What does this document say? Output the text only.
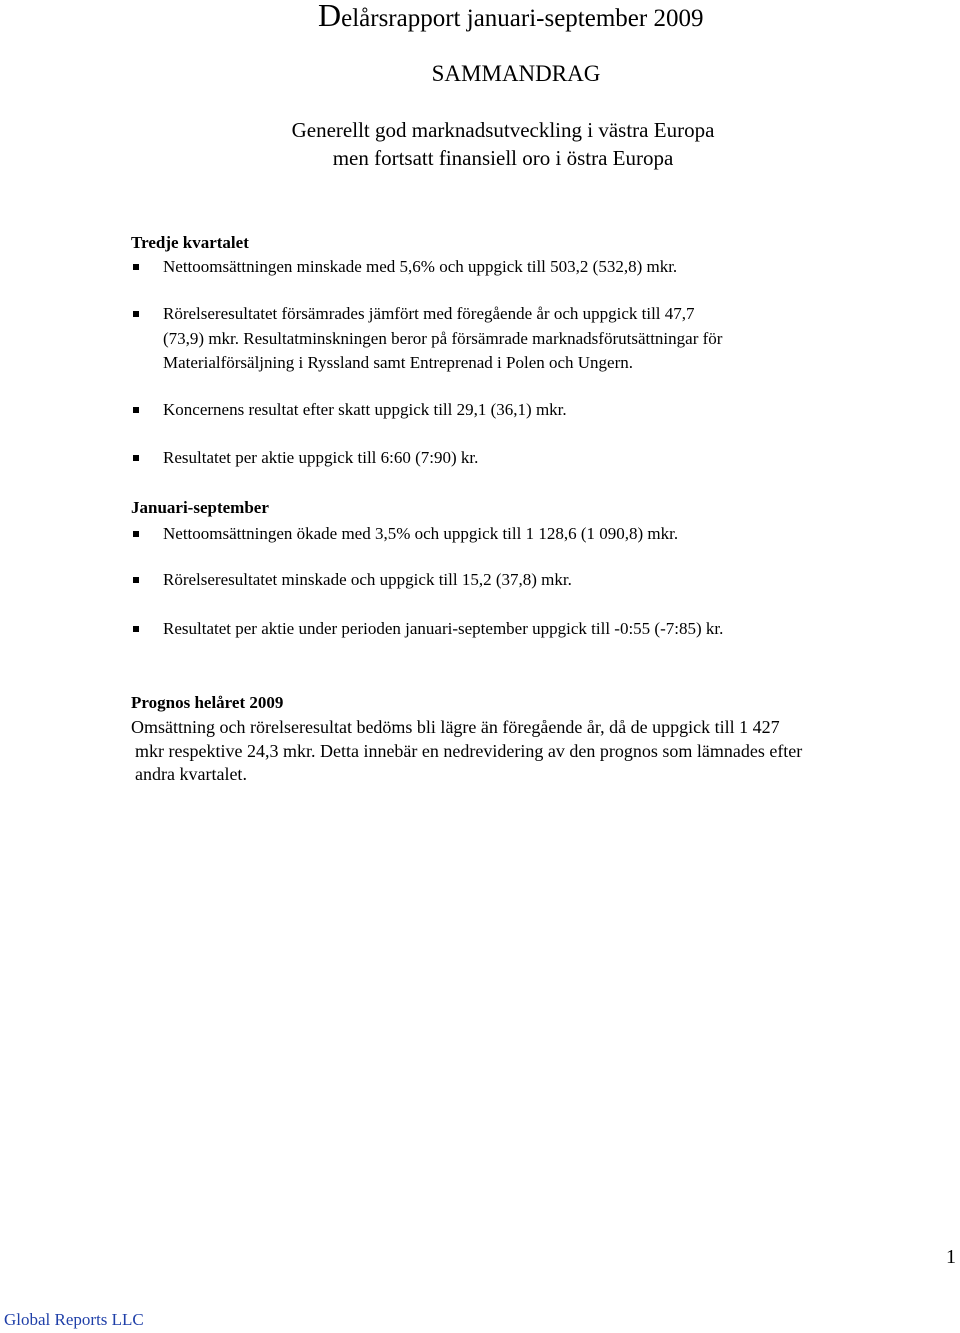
Delårsrapport januari-september 2009
SAMMANDRAG
Generellt god marknadsutveckling i västra Europa
men fortsatt finansiell oro i östra Europa
Tredje kvartalet
Nettoomsättningen minskade med 5,6% och uppgick till 503,2 (532,8) mkr.
Rörelseresultatet försämrades jämfört med föregående år och uppgick till 47,7
(73,9) mkr. Resultatminskningen beror på försämrade marknadsförutsättningar för
Materialförsäljning i Ryssland samt Entreprenad i Polen och Ungern.
Koncernens resultat efter skatt uppgick till 29,1 (36,1) mkr.
Resultatet per aktie uppgick till 6:60 (7:90) kr.
Januari-september
Nettoomsättningen ökade med 3,5% och uppgick till 1 128,6 (1 090,8) mkr.
Rörelseresultatet minskade och uppgick till 15,2 (37,8) mkr.
Resultatet per aktie under perioden januari-september uppgick till -0:55 (-7:85) kr.
Prognos helåret 2009
Omsättning och rörelseresultat bedöms bli lägre än föregående år, då de uppgick till 1 427
mkr respektive 24,3 mkr. Detta innebär en nedrevidering av den prognos som lämnades efter
andra kvartalet.
1
Global Reports LLC
